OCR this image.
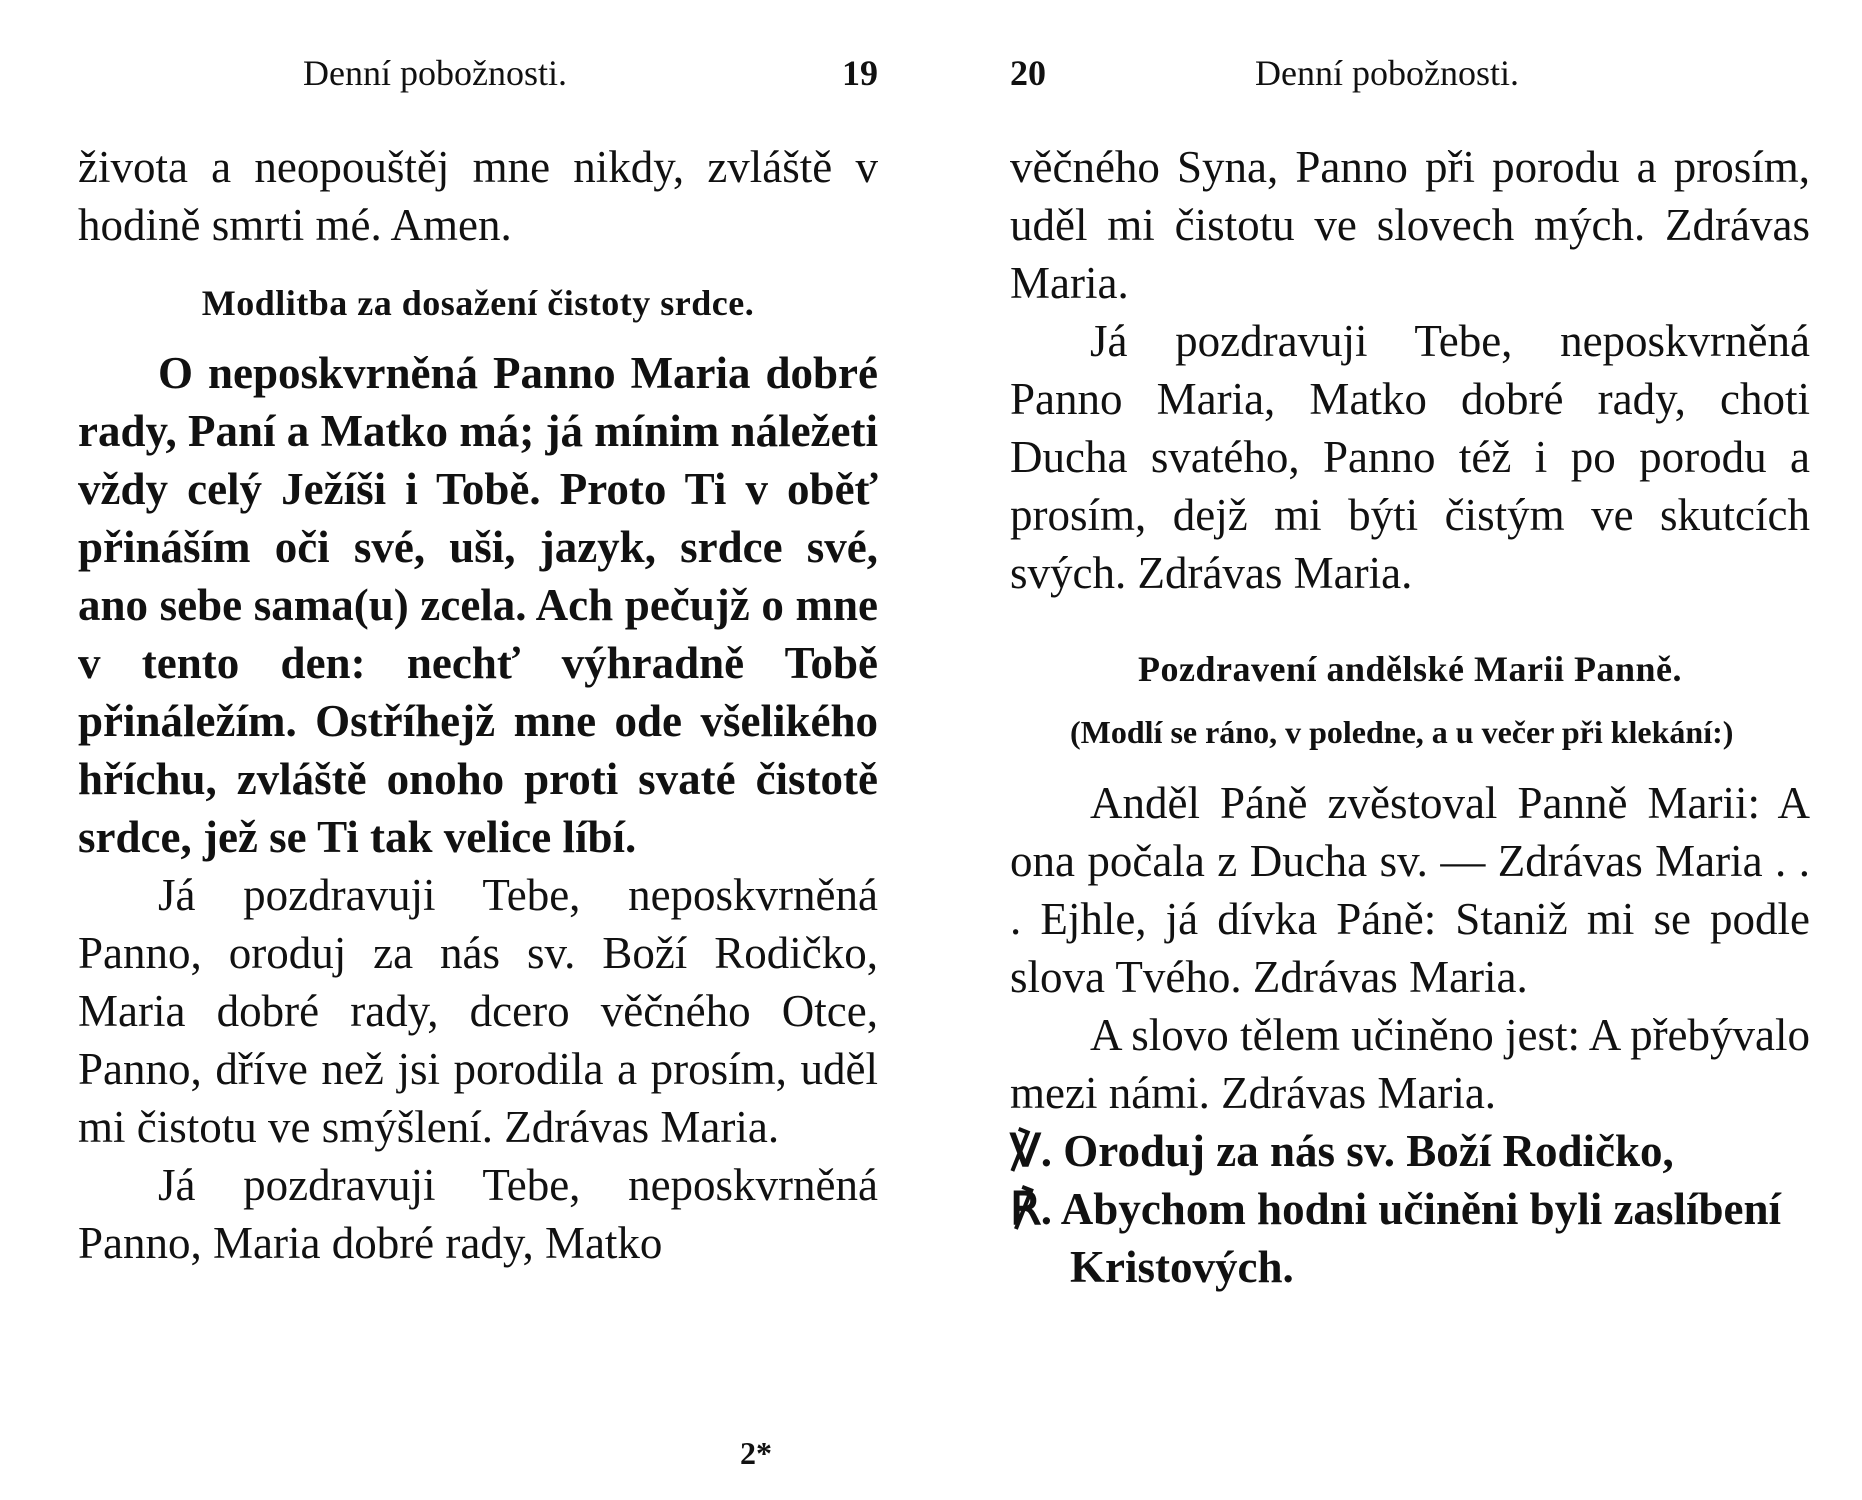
Denní pobožnosti.	19

života a neopouštěj mne nikdy, zvláště v hodině smrti mé. Amen.

Modlitba za dosažení čistoty srdce.

O neposkvrněná Panno Maria dobré rady, Paní a Matko má; já mínim náležeti vždy celý Ježíši i Tobě. Proto Ti v oběť přináším oči své, uši, jazyk, srdce své, ano sebe sama(u) zcela. Ach pečujž o mne v tento den: nechť výhradně Tobě přináležím. Ostříhejž mne ode všelikého hříchu, zvláště onoho proti svaté čistotě srdce, jež se Ti tak velice líbí.

Já pozdravuji Tebe, neposkvrněná Panno, oroduj za nás sv. Boží Rodičko, Maria dobré rady, dcero věčného Otce, Panno, dříve než jsi porodila a prosím, uděl mi čistotu ve smýšlení. Zdrávas Maria.

Já pozdravuji Tebe, neposkvrněná Panno, Maria dobré rady, Matko

2*
20	Denní pobožnosti.

věčného Syna, Panno při porodu a prosím, uděl mi čistotu ve slovech mých. Zdrávas Maria.

Já pozdravuji Tebe, neposkvrněná Panno Maria, Matko dobré rady, choti Ducha svatého, Panno též i po porodu a prosím, dejž mi býti čistým ve skutcích svých. Zdrávas Maria.

Pozdravení andělské Marii Panně.

(Modlí se ráno, v poledne, a u večer při klekání:)

Anděl Páně zvěstoval Panně Marii: A ona počala z Ducha sv. — Zdrávas Maria . . . Ejhle, já dívka Páně: Staniž mi se podle slova Tvého. Zdrávas Maria.

A slovo tělem učiněno jest: A přebývalo mezi námi. Zdrávas Maria.

℣. Oroduj za nás sv. Boží Rodičko,

℟. Abychom hodni učiněni byli zaslíbení Kristových.
